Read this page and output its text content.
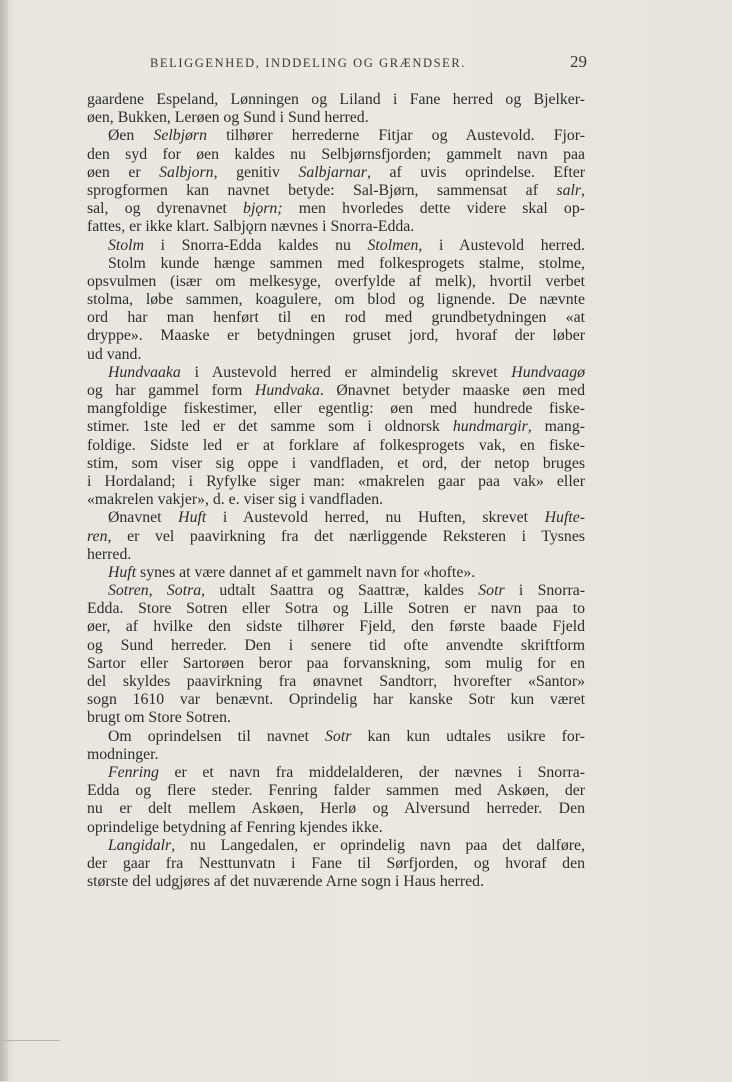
BELIGGENHED, INDDELING OG GRÆNDSER.	29
gaardene Espeland, Lønningen og Liland i Fane herred og Bjelker-
øen, Bukken, Lerøen og Sund i Sund herred.
Øen Selbjørn tilhører herrederne Fitjar og Austevold. Fjor-
den syd for øen kaldes nu Selbjørnsfjorden; gammelt navn paa
øen er Salbjorn, genitiv Salbjarnar, af uvis oprindelse. Efter
sprogformen kan navnet betyde: Sal-Bjørn, sammensat af salr,
sal, og dyrenavnet bjǫrn; men hvorledes dette videre skal op-
fattes, er ikke klart. Salbjǫrn nævnes i Snorra-Edda.
Stolm i Snorra-Edda kaldes nu Stolmen, i Austevold herred.
Stolm kunde hænge sammen med folkesprogets stalme, stolme,
opsvulmen (især om melkesyge, overfylde af melk), hvortil verbet
stolma, løbe sammen, koagulere, om blod og lignende. De nævnte
ord har man henført til en rod med grundbetydningen «at
dryppe». Maaske er betydningen gruset jord, hvoraf der løber
ud vand.
Hundvaaka i Austevold herred er almindelig skrevet Hundvaagø
og har gammel form Hundvaka. Ønavnet betyder maaske øen med
mangfoldige fiskestimer, eller egentlig: øen med hundrede fiske-
stimer. 1ste led er det samme som i oldnorsk hundmargir, mang-
foldige. Sidste led er at forklare af folkesprogets vak, en fiske-
stim, som viser sig oppe i vandfladen, et ord, der netop bruges
i Hordaland; i Ryfylke siger man: «makrelen gaar paa vak» eller
«makrelen vakjer», d. e. viser sig i vandfladen.
Ønavnet Huft i Austevold herred, nu Huften, skrevet Hufte-
ren, er vel paavirkning fra det nærliggende Reksteren i Tysnes
herred.
Huft synes at være dannet af et gammelt navn for «hofte».
Sotren, Sotra, udtalt Saattra og Saattræ, kaldes Sotr i Snorra-
Edda. Store Sotren eller Sotra og Lille Sotren er navn paa to
øer, af hvilke den sidste tilhører Fjeld, den første baade Fjeld
og Sund herreder. Den i senere tid ofte anvendte skriftform
Sartor eller Sartorøen beror paa forvanskning, som mulig for en
del skyldes paavirkning fra ønavnet Sandtorr, hvorefter «Santor»
sogn 1610 var benævnt. Oprindelig har kanske Sotr kun været
brugt om Store Sotren.
Om oprindelsen til navnet Sotr kan kun udtales usikre for-
modninger.
Fenring er et navn fra middelalderen, der nævnes i Snorra-
Edda og flere steder. Fenring falder sammen med Askøen, der
nu er delt mellem Askøen, Herlø og Alversund herreder. Den
oprindelige betydning af Fenring kjendes ikke.
Langidalr, nu Langedalen, er oprindelig navn paa det dalføre,
der gaar fra Nesttunvatn i Fane til Sørfjorden, og hvoraf den
største del udgjøres af det nuværende Arne sogn i Haus herred.
